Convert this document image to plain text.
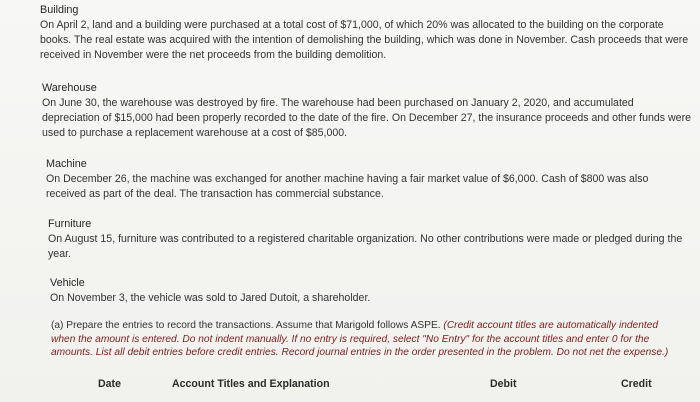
Building
On April 2, land and a building were purchased at a total cost of $71,000, of which 20% was allocated to the building on the corporate books. The real estate was acquired with the intention of demolishing the building, which was done in November. Cash proceeds that were received in November were the net proceeds from the building demolition.
Warehouse
On June 30, the warehouse was destroyed by fire. The warehouse had been purchased on January 2, 2020, and accumulated depreciation of $15,000 had been properly recorded to the date of the fire. On December 27, the insurance proceeds and other funds were used to purchase a replacement warehouse at a cost of $85,000.
Machine
On December 26, the machine was exchanged for another machine having a fair market value of $6,000. Cash of $800 was also received as part of the deal. The transaction has commercial substance.
Furniture
On August 15, furniture was contributed to a registered charitable organization. No other contributions were made or pledged during the year.
Vehicle
On November 3, the vehicle was sold to Jared Dutoit, a shareholder.
(a) Prepare the entries to record the transactions. Assume that Marigold follows ASPE. (Credit account titles are automatically indented when the amount is entered. Do not indent manually. If no entry is required, select "No Entry" for the account titles and enter 0 for the amounts. List all debit entries before credit entries. Record journal entries in the order presented in the problem. Do not net the expense.)
Date	Account Titles and Explanation	Debit	Credit
